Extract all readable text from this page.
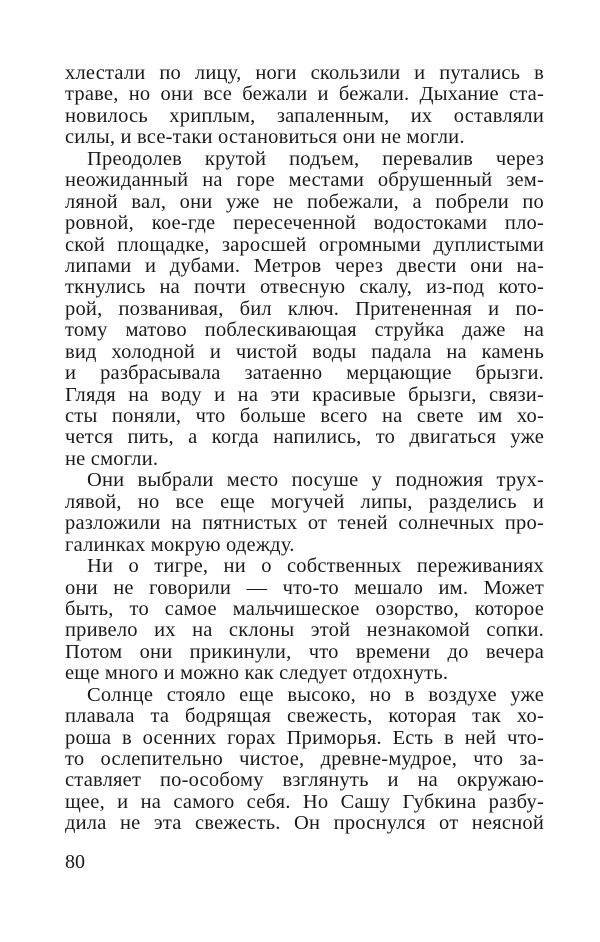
хлестали по лицу, ноги скользили и путались в
траве, но они все бежали и бежали. Дыхание ста-
новилось хриплым, запаленным, их оставляли
силы, и все-таки остановиться они не могли.
Преодолев крутой подъем, перевалив через
неожиданный на горе местами обрушенный зем-
ляной вал, они уже не побежали, а побрели по
ровной, кое-где пересеченной водостоками пло-
ской площадке, заросшей огромными дуплистыми
липами и дубами. Метров через двести они на-
ткнулись на почти отвесную скалу, из-под кото-
рой, позванивая, бил ключ. Притененная и по-
тому матово поблескивающая струйка даже на
вид холодной и чистой воды падала на камень
и разбрасывала затаенно мерцающие брызги.
Глядя на воду и на эти красивые брызги, связи-
сты поняли, что больше всего на свете им хо-
чется пить, а когда напились, то двигаться уже
не смогли.
Они выбрали место посуше у подножия трух-
лявой, но все еще могучей липы, разделись и
разложили на пятнистых от теней солнечных про-
галинках мокрую одежду.
Ни о тигре, ни о собственных переживаниях
они не говорили — что-то мешало им. Может
быть, то самое мальчишеское озорство, которое
привело их на склоны этой незнакомой сопки.
Потом они прикинули, что времени до вечера
еще много и можно как следует отдохнуть.
Солнце стояло еще высоко, но в воздухе уже
плавала та бодрящая свежесть, которая так хо-
роша в осенних горах Приморья. Есть в ней что-
то ослепительно чистое, древне-мудрое, что за-
ставляет по-особому взглянуть и на окружаю-
щее, и на самого себя. Но Сашу Губкина разбу-
дила не эта свежесть. Он проснулся от неясной
80
